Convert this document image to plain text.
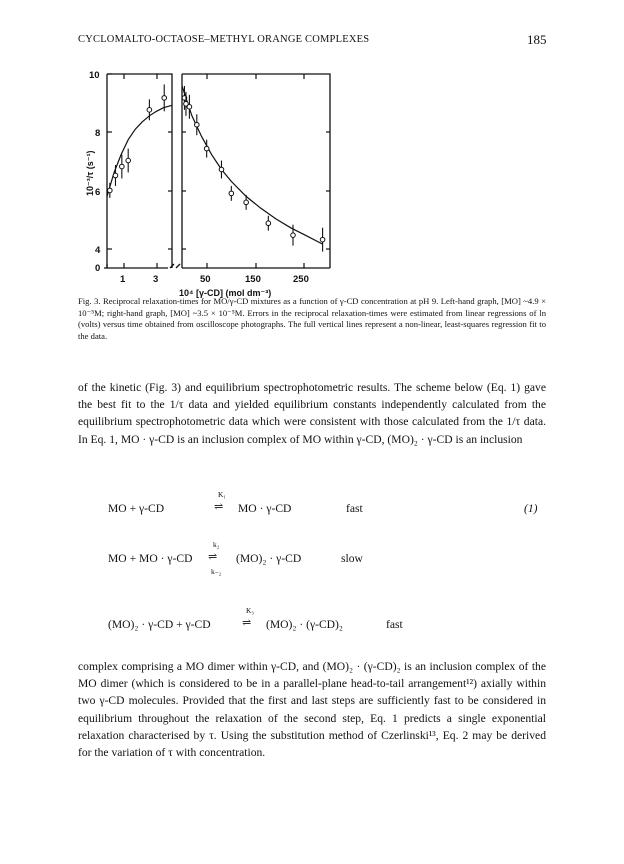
CYCLOMALTO-OCTAOSE–METHYL ORANGE COMPLEXES	185
10
8
6
4
0
1	3	50	150	250
10⁻³/τ (s⁻¹)
10⁴ [γ-CD] (mol dm⁻³)
Fig. 3. Reciprocal relaxation-times for MO/γ-CD mixtures as a function of γ-CD concentration at pH 9. Left-hand graph, [MO] ~4.9 × 10⁻⁵M; right-hand graph, [MO] ~3.5 × 10⁻⁵M. Errors in the reciprocal relaxation-times were estimated from linear regressions of ln (volts) versus time obtained from oscilloscope photographs. The full vertical lines represent a non-linear, least-squares regression fit to the data.
of the kinetic (Fig. 3) and equilibrium spectrophotometric results. The scheme below (Eq. 1) gave the best fit to the 1/τ data and yielded equilibrium constants independently calculated from the equilibrium spectrophotometric data which were consistent with those calculated from the 1/τ data. In Eq. 1, MO · γ-CD is an inclusion complex of MO within γ-CD, (MO)₂ · γ-CD is an inclusion
MO + γ-CD
K₁
⇌ MO · γ-CD	fast	(1)
MO + MO · γ-CD
k₂
⇌
k₋₂
(MO)₂ · γ-CD	slow
(MO)₂ · γ-CD + γ-CD
K₃
⇌ (MO)₂ · (γ-CD)₂	fast
complex comprising a MO dimer within γ-CD, and (MO)₂ · (γ-CD)₂ is an inclusion complex of the MO dimer (which is considered to be in a parallel-plane head-to-tail arrangement¹²) axially within two γ-CD molecules. Provided that the first and last steps are sufficiently fast to be considered in equilibrium throughout the relaxation of the second step, Eq. 1 predicts a single exponential relaxation characterised by τ. Using the substitution method of Czerlinski¹³, Eq. 2 may be derived for the variation of τ with concentration.
